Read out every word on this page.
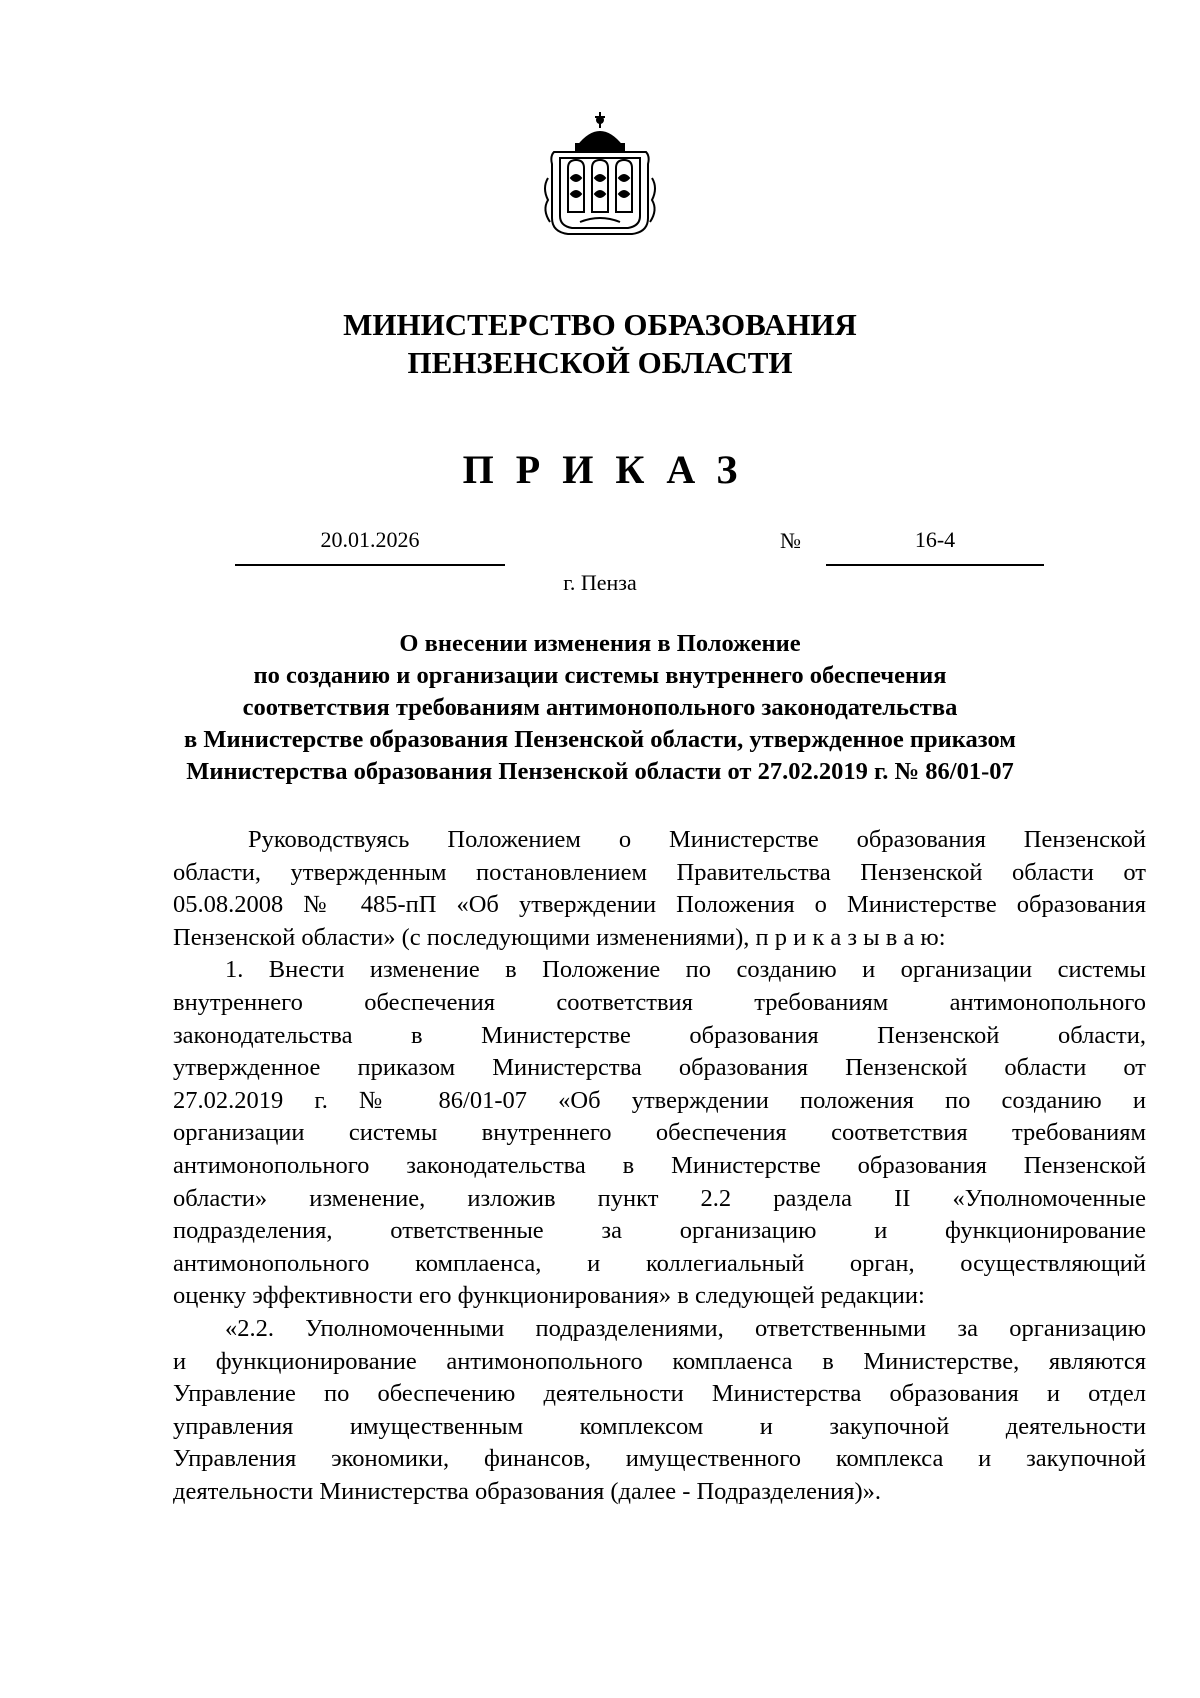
МИНИСТЕРСТВО ОБРАЗОВАНИЯ
ПЕНЗЕНСКОЙ ОБЛАСТИ
ПРИКАЗ
20.01.2026	№	16-4
г. Пенза
О внесении изменения в Положение
по созданию и организации системы внутреннего обеспечения
соответствия требованиям антимонопольного законодательства
в Министерстве образования Пензенской области, утвержденное приказом
Министерства образования Пензенской области от 27.02.2019 г. № 86/01-07
Руководствуясь Положением о Министерстве образования Пензенской
области, утвержденным постановлением Правительства Пензенской области от
05.08.2008 № 485-пП «Об утверждении Положения о Министерстве образования
Пензенской области» (с последующими изменениями), п р и к а з ы в а ю:
1. Внести изменение в Положение по созданию и организации системы
внутреннего обеспечения соответствия требованиям антимонопольного
законодательства в Министерстве образования Пензенской области,
утвержденное приказом Министерства образования Пензенской области от
27.02.2019 г. № 86/01-07 «Об утверждении положения по созданию и
организации системы внутреннего обеспечения соответствия требованиям
антимонопольного законодательства в Министерстве образования Пензенской
области» изменение, изложив пункт 2.2 раздела II «Уполномоченные
подразделения, ответственные за организацию и функционирование
антимонопольного комплаенса, и коллегиальный орган, осуществляющий
оценку эффективности его функционирования» в следующей редакции:
«2.2. Уполномоченными подразделениями, ответственными за организацию
и функционирование антимонопольного комплаенса в Министерстве, являются
Управление по обеспечению деятельности Министерства образования и отдел
управления имущественным комплексом и закупочной деятельности
Управления экономики, финансов, имущественного комплекса и закупочной
деятельности Министерства образования (далее - Подразделения)».
